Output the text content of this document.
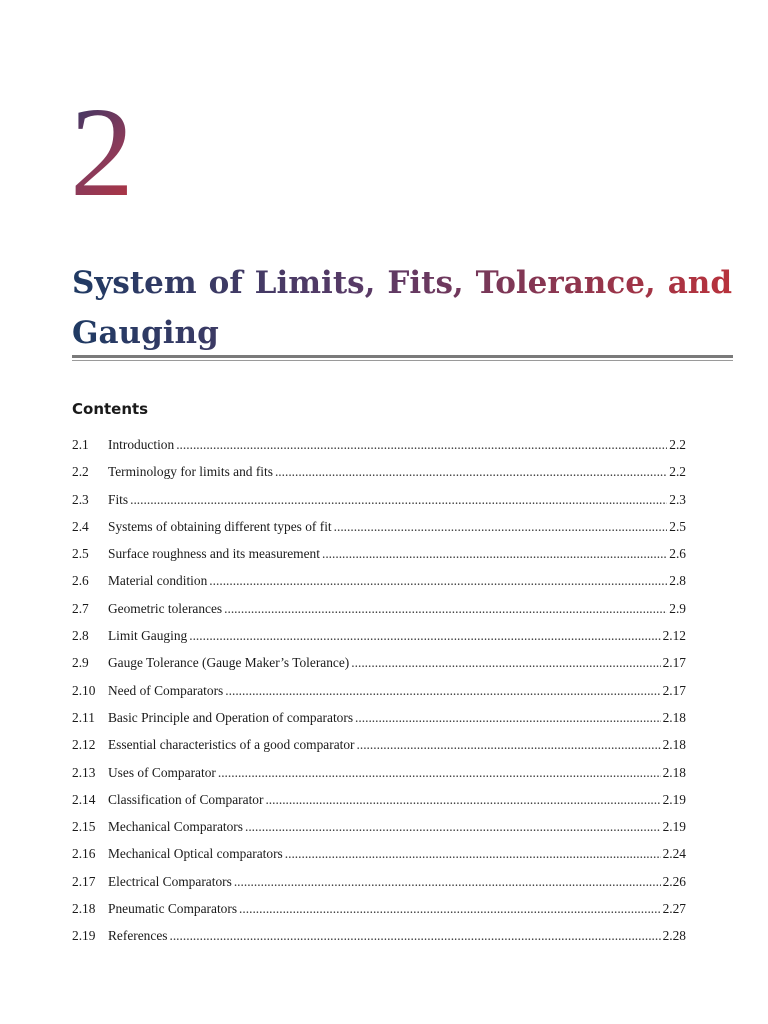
2
System of Limits, Fits, Tolerance, and Gauging
Contents
2.1	Introduction .....	2.2
2.2	Terminology for limits and fits .....	2.2
2.3	Fits .....	2.3
2.4	Systems of obtaining different types of fit .....	2.5
2.5	Surface roughness and its measurement .....	2.6
2.6	Material condition .....	2.8
2.7	Geometric tolerances .....	2.9
2.8	Limit Gauging .....	2.12
2.9	Gauge Tolerance (Gauge Maker’s Tolerance) .....	2.17
2.10 Need of Comparators .....	2.17
2.11 Basic Principle and Operation of comparators .....	2.18
2.12 Essential characteristics of a good comparator .....	2.18
2.13 Uses of Comparator .....	2.18
2.14 Classification of Comparator .....	2.19
2.15 Mechanical Comparators .....	2.19
2.16 Mechanical Optical comparators .....	2.24
2.17 Electrical Comparators .....	2.26
2.18 Pneumatic Comparators .....	2.27
2.19 References .....	2.28
